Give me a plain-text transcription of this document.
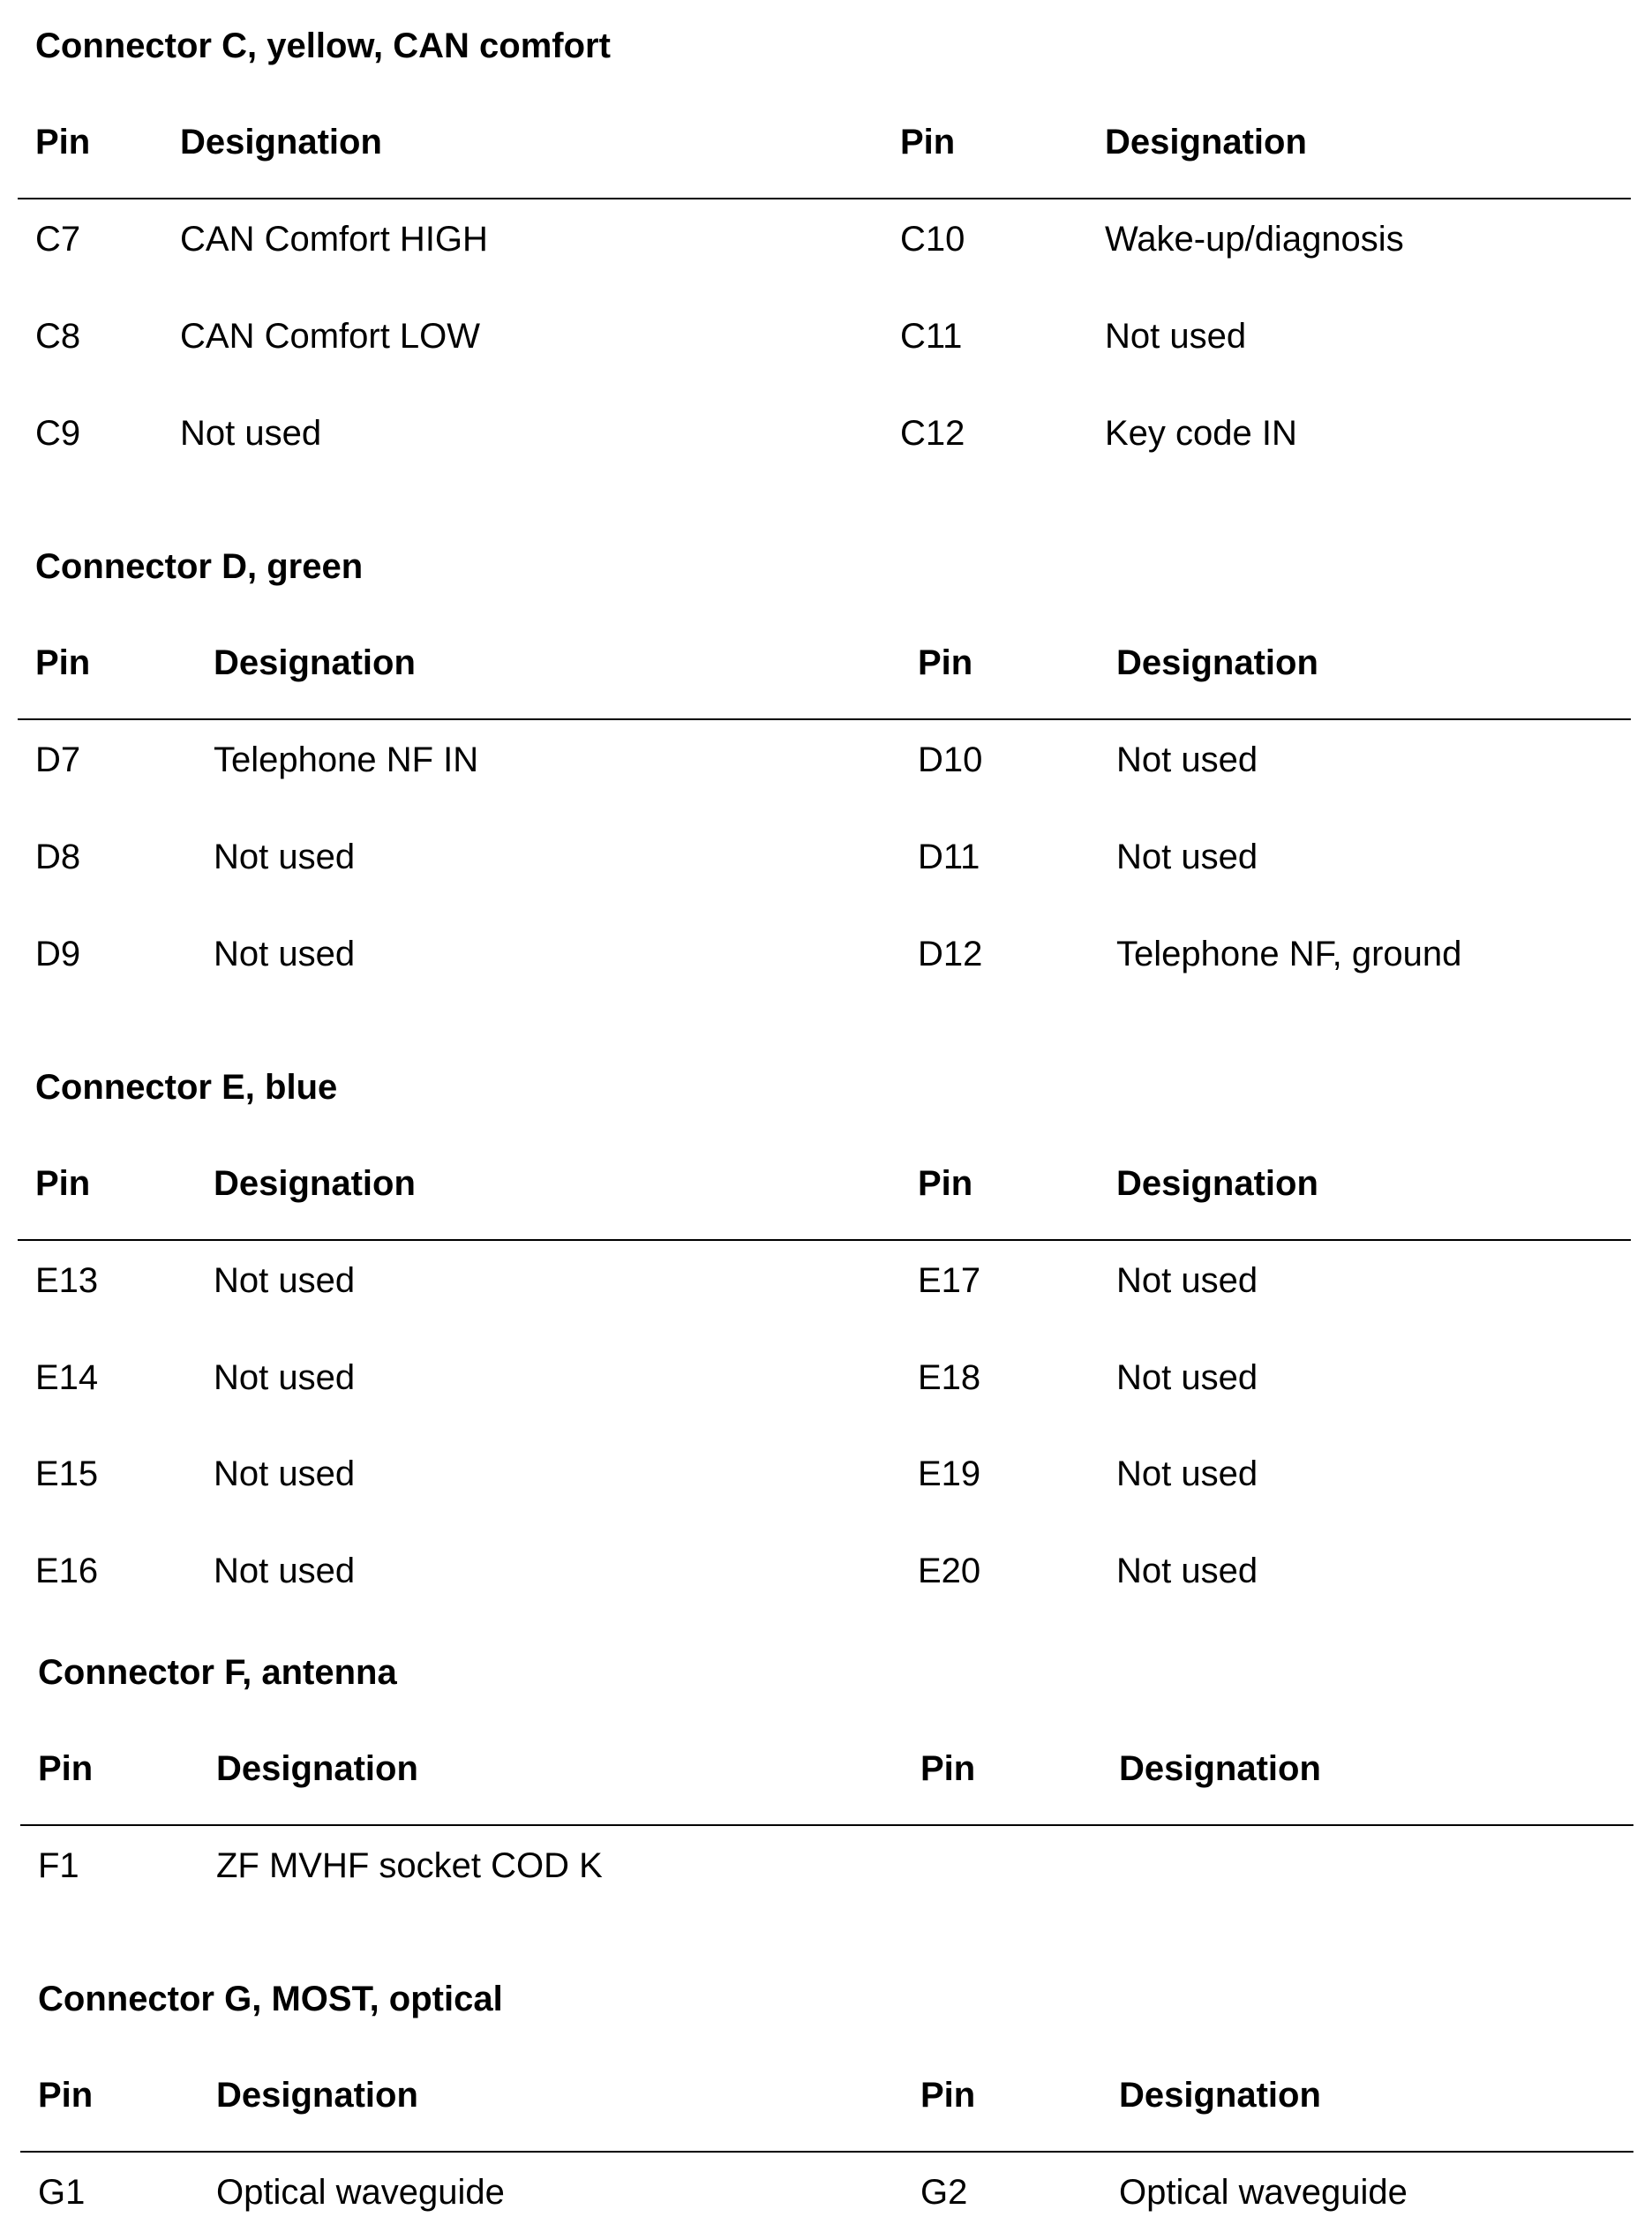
Connector C, yellow, CAN comfort
Pin	Designation	Pin	Designation
C7	CAN Comfort HIGH	C10	Wake-up/diagnosis
C8	CAN Comfort LOW	C11	Not used
C9	Not used	C12	Key code IN
Connector D, green
Pin	Designation	Pin	Designation
D7	Telephone NF IN	D10	Not used
D8	Not used	D11	Not used
D9	Not used	D12	Telephone NF, ground
Connector E, blue
Pin	Designation	Pin	Designation
E13	Not used	E17	Not used
E14	Not used	E18	Not used
E15	Not used	E19	Not used
E16	Not used	E20	Not used
Connector F, antenna
Pin	Designation	Pin	Designation
F1	ZF MVHF socket COD K
Connector G, MOST, optical
Pin	Designation	Pin	Designation
G1	Optical waveguide	G2	Optical waveguide
